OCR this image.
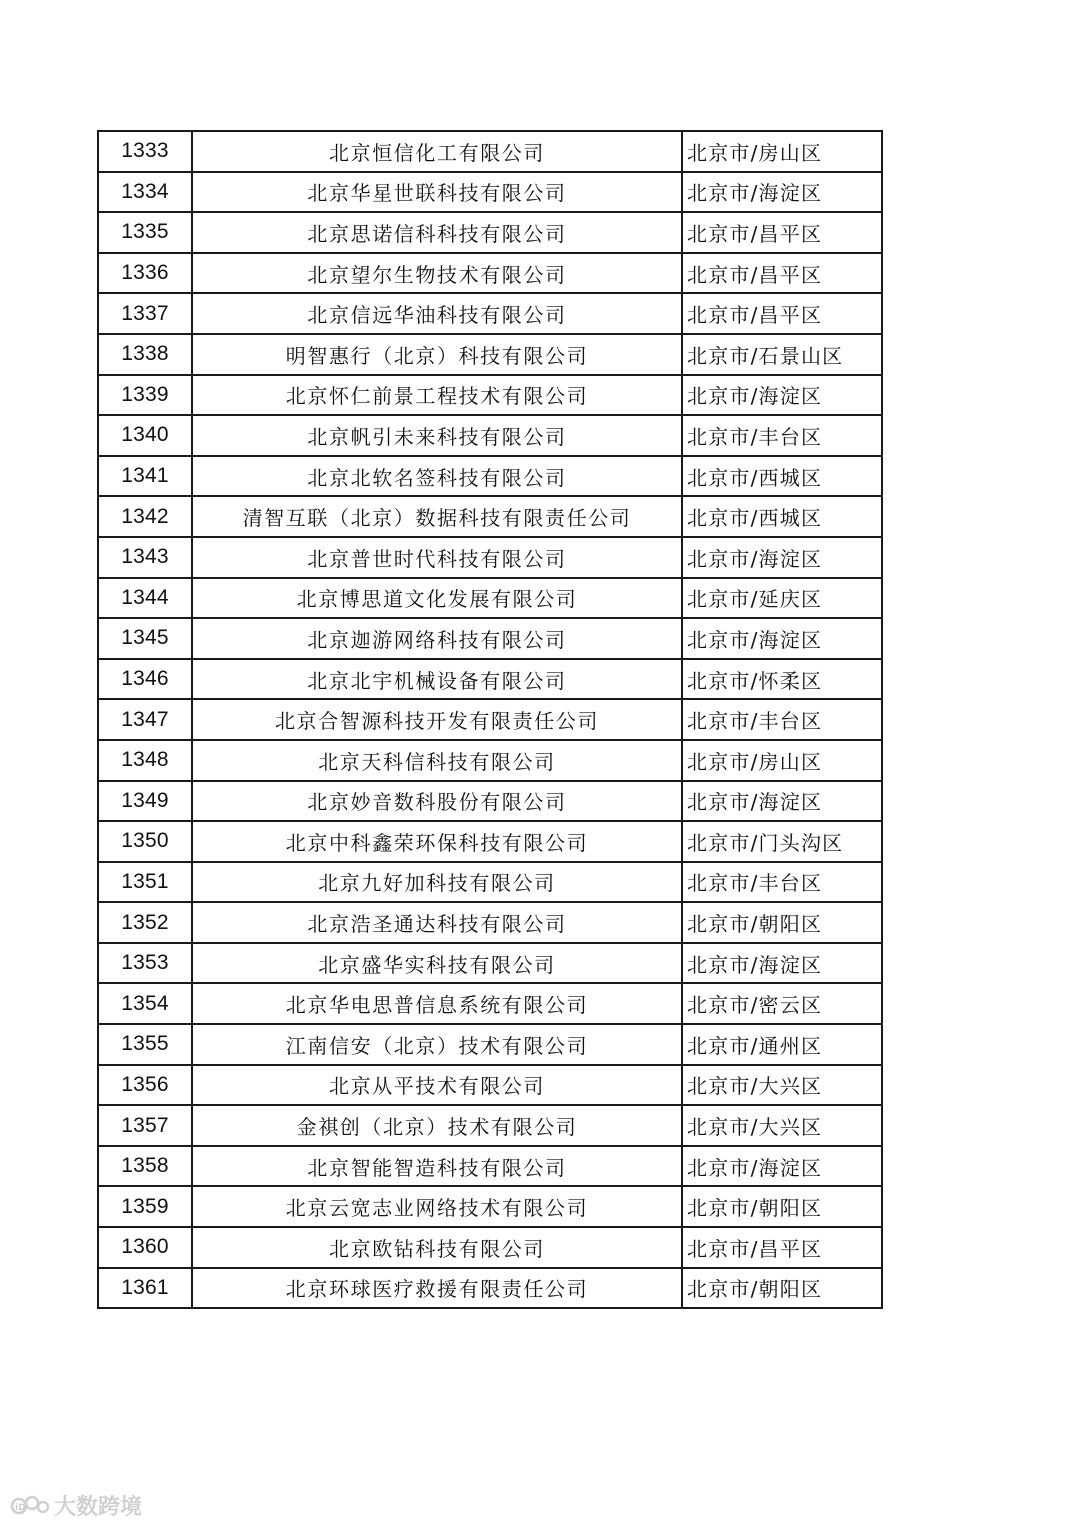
1333	北京恒信化工有限公司	北京市/房山区
1334	北京华星世联科技有限公司	北京市/海淀区
1335	北京思诺信科科技有限公司	北京市/昌平区
1336	北京望尔生物技术有限公司	北京市/昌平区
1337	北京信远华油科技有限公司	北京市/昌平区
1338	明智惠行（北京）科技有限公司	北京市/石景山区
1339	北京怀仁前景工程技术有限公司	北京市/海淀区
1340	北京帆引未来科技有限公司	北京市/丰台区
1341	北京北软名签科技有限公司	北京市/西城区
1342	清智互联（北京）数据科技有限责任公司	北京市/西城区
1343	北京普世时代科技有限公司	北京市/海淀区
1344	北京博思道文化发展有限公司	北京市/延庆区
1345	北京迦游网络科技有限公司	北京市/海淀区
1346	北京北宇机械设备有限公司	北京市/怀柔区
1347	北京合智源科技开发有限责任公司	北京市/丰台区
1348	北京天科信科技有限公司	北京市/房山区
1349	北京妙音数科股份有限公司	北京市/海淀区
1350	北京中科鑫荣环保科技有限公司	北京市/门头沟区
1351	北京九好加科技有限公司	北京市/丰台区
1352	北京浩圣通达科技有限公司	北京市/朝阳区
1353	北京盛华实科技有限公司	北京市/海淀区
1354	北京华电思普信息系统有限公司	北京市/密云区
1355	江南信安（北京）技术有限公司	北京市/通州区
1356	北京从平技术有限公司	北京市/大兴区
1357	金祺创（北京）技术有限公司	北京市/大兴区
1358	北京智能智造科技有限公司	北京市/海淀区
1359	北京云宽志业网络技术有限公司	北京市/朝阳区
1360	北京欧钻科技有限公司	北京市/昌平区
1361	北京环球医疗救援有限责任公司	北京市/朝阳区
iD 大数跨境
